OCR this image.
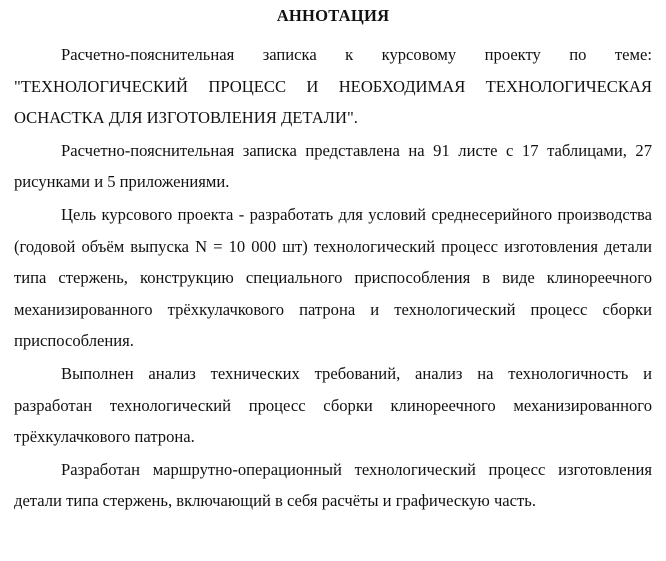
АННОТАЦИЯ

Расчетно-пояснительная записка к курсовому проекту по теме: "ТЕХНОЛОГИЧЕСКИЙ ПРОЦЕСС И НЕОБХОДИМАЯ ТЕХНОЛОГИЧЕСКАЯ ОСНАСТКА ДЛЯ ИЗГОТОВЛЕНИЯ ДЕТАЛИ".

Расчетно-пояснительная записка представлена на 91 листе с 17 таблицами, 27 рисунками и 5 приложениями.

Цель курсового проекта - разработать для условий среднесерийного производства (годовой объём выпуска N = 10 000 шт) технологический процесс изготовления детали типа стержень, конструкцию специального приспособления в виде клинореечного механизированного трёхкулачкового патрона и технологический процесс сборки приспособления.

Выполнен анализ технических требований, анализ на технологичность и разработан технологический процесс сборки клинореечного механизированного трёхкулачкового патрона.

Разработан маршрутно-операционный технологический процесс изготовления детали типа стержень, включающий в себя расчёты и графическую часть.
